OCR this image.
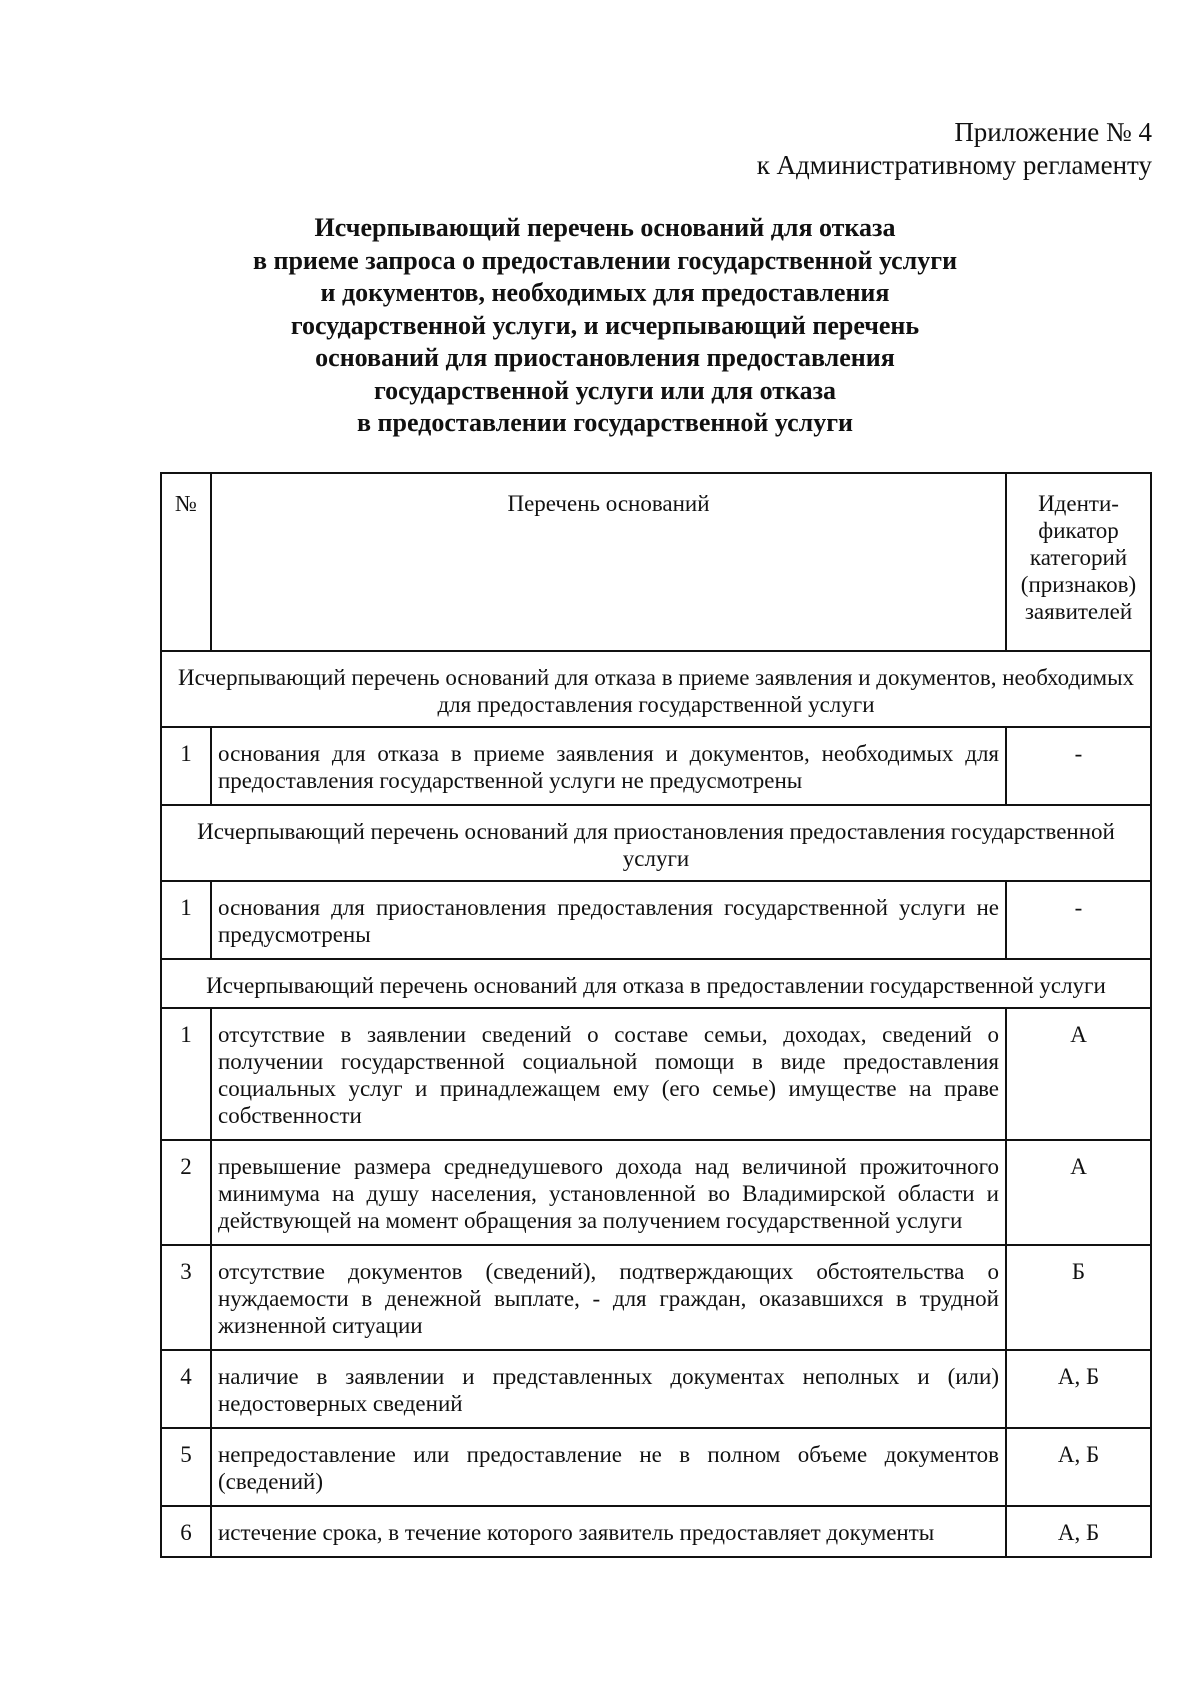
Приложение № 4
к Административному регламенту
Исчерпывающий перечень оснований для отказа
в приеме запроса о предоставлении государственной услуги
и документов, необходимых для предоставления
государственной услуги, и исчерпывающий перечень
оснований для приостановления предоставления
государственной услуги или для отказа
в предоставлении государственной услуги
№	Перечень оснований	Иденти-фикатор категорий (признаков) заявителей

Исчерпывающий перечень оснований для отказа в приеме заявления и документов, необходимых для предоставления государственной услуги		
1	основания для отказа в приеме заявления и документов, необходимых для предоставления государственной услуги не предусмотрены	-
Исчерпывающий перечень оснований для приостановления предоставления государственной услуги		
1	основания для приостановления предоставления государственной услуги не предусмотрены	-
Исчерпывающий перечень оснований для отказа в предоставлении государственной услуги		
1	отсутствие в заявлении сведений о составе семьи, доходах, сведений о получении государственной социальной помощи в виде предоставления социальных услуг и принадлежащем ему (его семье) имуществе на праве собственности	А
2	превышение размера среднедушевого дохода над величиной прожиточного минимума на душу населения, установленной во Владимирской области и действующей на момент обращения за получением государственной услуги	А
3	отсутствие документов (сведений), подтверждающих обстоятельства о нуждаемости в денежной выплате, - для граждан, оказавшихся в трудной жизненной ситуации	Б
4	наличие в заявлении и представленных документах неполных и (или) недостоверных сведений	А, Б
5	непредоставление или предоставление не в полном объеме документов (сведений)	А, Б
6	истечение срока, в течение которого заявитель предоставляет документы	А, Б
